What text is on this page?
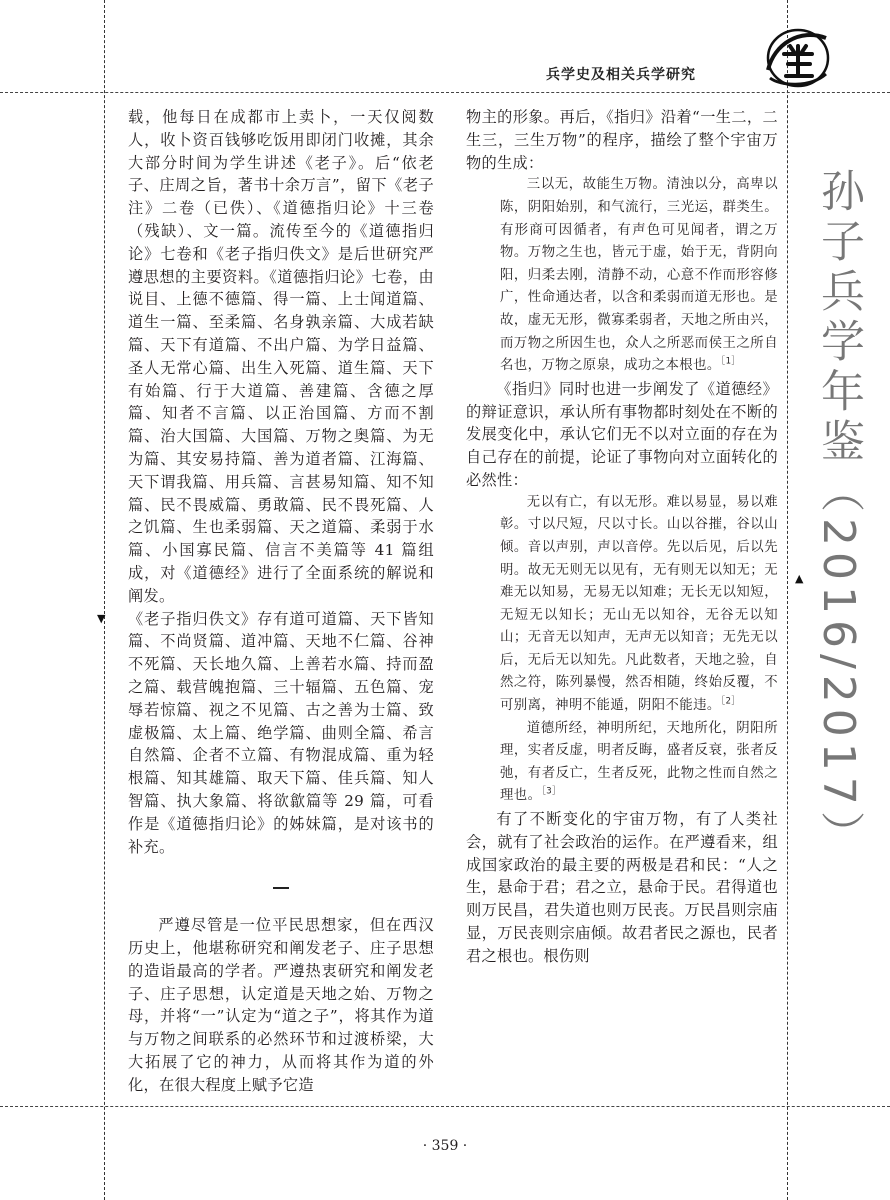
兵学史及相关兵学研究
孙子兵学年鉴（2016/2017）
▲
▼

载，他每日在成都市上卖卜，一天仅阅数人，收卜资百钱够吃饭用即闭门收摊，其余大部分时间为学生讲述《老子》。后“依老子、庄周之旨，著书十余万言”，留下《老子注》二卷（已佚）、《道德指归论》十三卷（残缺）、文一篇。流传至今的《道德指归论》七卷和《老子指归佚文》是后世研究严遵思想的主要资料。《道德指归论》七卷，由说目、上德不德篇、得一篇、上士闻道篇、道生一篇、至柔篇、名身孰亲篇、大成若缺篇、天下有道篇、不出户篇、为学日益篇、圣人无常心篇、出生入死篇、道生篇、天下有始篇、行于大道篇、善建篇、含德之厚篇、知者不言篇、以正治国篇、方而不割篇、治大国篇、大国篇、万物之奥篇、为无为篇、其安易持篇、善为道者篇、江海篇、天下谓我篇、用兵篇、言甚易知篇、知不知篇、民不畏威篇、勇敢篇、民不畏死篇、人之饥篇、生也柔弱篇、天之道篇、柔弱于水篇、小国寡民篇、信言不美篇等 41 篇组成，对《道德经》进行了全面系统的解说和阐发。

《老子指归佚文》存有道可道篇、天下皆知篇、不尚贤篇、道冲篇、天地不仁篇、谷神不死篇、天长地久篇、上善若水篇、持而盈之篇、载营魄抱篇、三十辐篇、五色篇、宠辱若惊篇、视之不见篇、古之善为士篇、致虚极篇、太上篇、绝学篇、曲则全篇、希言自然篇、企者不立篇、有物混成篇、重为轻根篇、知其雄篇、取天下篇、佳兵篇、知人智篇、执大象篇、将欲歙篇等 29 篇，可看作是《道德指归论》的姊妹篇，是对该书的补充。

严遵尽管是一位平民思想家，但在西汉历史上，他堪称研究和阐发老子、庄子思想的造诣最高的学者。严遵热衷研究和阐发老子、庄子思想，认定道是天地之始、万物之母，并将“一”认定为“道之子”，将其作为道与万物之间联系的必然环节和过渡桥梁，大大拓展了它的神力，从而将其作为道的外化，在很大程度上赋予它造

物主的形象。再后，《指归》沿着“一生二，二生三，三生万物”的程序，描绘了整个宇宙万物的生成：

三以无，故能生万物。清浊以分，高卑以陈，阴阳始别，和气流行，三光运，群类生。有形商可因循者，有声色可见闻者，谓之万物。万物之生也，皆元于虚，始于无，背阴向阳，归柔去刚，清静不动，心意不作而形容修广，性命通达者，以含和柔弱而道无形也。是故，虚无无形，微寡柔弱者，天地之所由兴，而万物之所因生也，众人之所恶而侯王之所自名也，万物之原泉，成功之本根也。$^{[1]}$

《指归》同时也进一步阐发了《道德经》的辩证意识，承认所有事物都时刻处在不断的发展变化中，承认它们无不以对立面的存在为自己存在的前提，论证了事物向对立面转化的必然性：

无以有亡，有以无形。难以易显，易以难彰。寸以尺短，尺以寸长。山以谷摧，谷以山倾。音以声别，声以音停。先以后见，后以先明。故无无则无以见有，无有则无以知无；无难无以知易，无易无以知难；无长无以知短，无短无以知长；无山无以知谷，无谷无以知山；无音无以知声，无声无以知音；无先无以后，无后无以知先。凡此数者，天地之验，自然之符，陈列暴慢，然否相随，终始反覆，不可别离，神明不能遁，阴阳不能违。$^{[2]}$
道德所经，神明所纪，天地所化，阴阳所理，实者反虚，明者反晦，盛者反衰，张者反弛，有者反亡，生者反死，此物之性而自然之理也。$^{[3]}$

有了不断变化的宇宙万物，有了人类社会，就有了社会政治的运作。在严遵看来，组成国家政治的最主要的两极是君和民：“人之生，悬命于君；君之立，悬命于民。君得道也则万民昌，君失道也则万民丧。万民昌则宗庙显，万民丧则宗庙倾。故君者民之源也，民者君之根也。根伤则

· 359 ·
